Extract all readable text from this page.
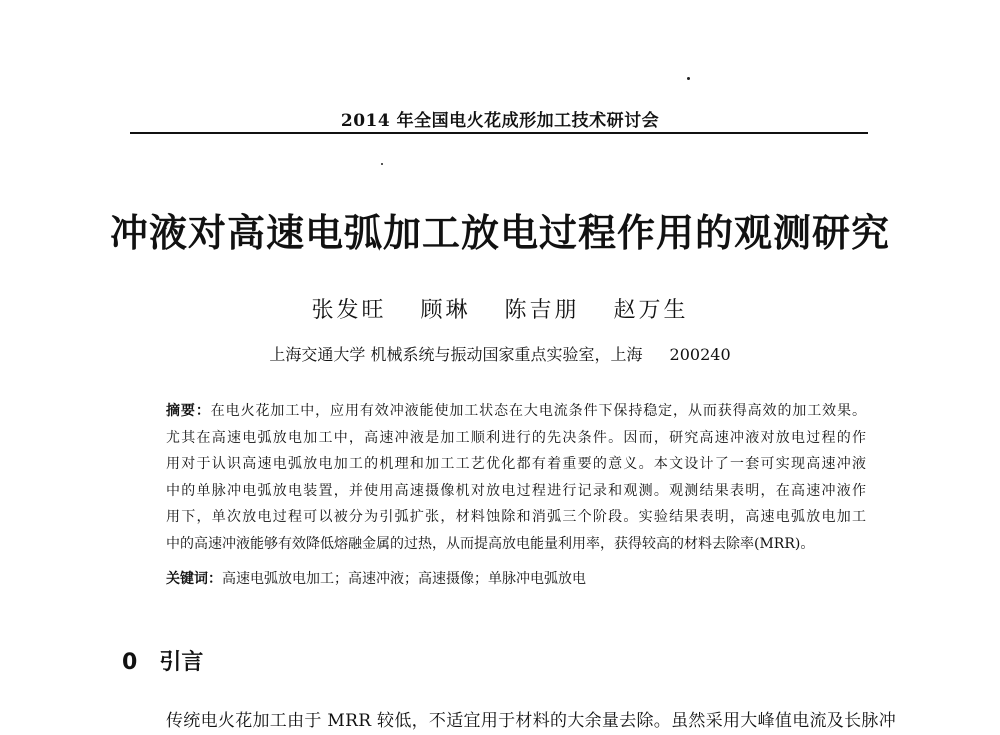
2014 年全国电火花成形加工技术研讨会
冲液对高速电弧加工放电过程作用的观测研究
张发旺 顾琳 陈吉朋 赵万生
上海交通大学 机械系统与振动国家重点实验室，上海 200240
摘要：在电火花加工中，应用有效冲液能使加工状态在大电流条件下保持稳定，从而获得高效的加工效果。
尤其在高速电弧放电加工中，高速冲液是加工顺利进行的先决条件。因而，研究高速冲液对放电过程的作
用对于认识高速电弧放电加工的机理和加工工艺优化都有着重要的意义。本文设计了一套可实现高速冲液
中的单脉冲电弧放电装置，并使用高速摄像机对放电过程进行记录和观测。观测结果表明，在高速冲液作
用下，单次放电过程可以被分为引弧扩张，材料蚀除和消弧三个阶段。实验结果表明，高速电弧放电加工
中的高速冲液能够有效降低熔融金属的过热，从而提高放电能量利用率，获得较高的材料去除率(MRR)。
关键词：高速电弧放电加工；高速冲液；高速摄像；单脉冲电弧放电
0 引言
传统电火花加工由于 MRR 较低，不适宜用于材料的大余量去除。虽然采用大峰值电流及长脉冲
